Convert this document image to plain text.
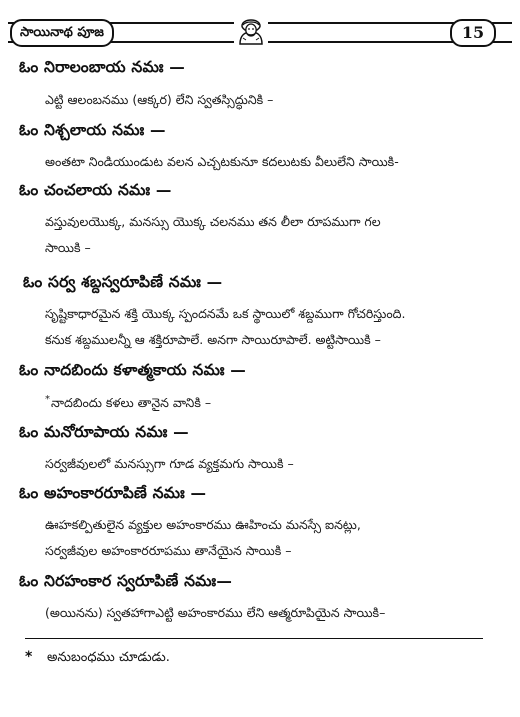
సాయినాథ పూజ	15
ఓం నిరాలంబాయ నమః —
ఎట్టి ఆలంబనము (ఆక్కర) లేని స్వతస్సిద్ధునికి –
ఓం నిశ్చలాయ నమః —
అంతటా నిండియుండుట వలన ఎచ్చటకునూ కదలుటకు వీలులేని సాయికి-
ఓం చంచలాయ నమః —
వస్తువులయొక్క, మనస్సు యొక్క చలనము తన లీలా రూపముగా గల
సాయికి –
ఓం సర్వ శబ్దస్వరూపిణే నమః —
సృష్టికాధారమైన శక్తి యొక్క స్పందనమే ఒక స్థాయిలో శబ్దముగా గోచరిస్తుంది.
కనుక శబ్దములన్నీ ఆ శక్తిరూపాలే. అనగా సాయిరూపాలే. అట్టిసాయికి –
ఓం నాదబిందు కళాత్మకాయ నమః —
*నాదబిందు కళలు తానైన వానికి –
ఓం మనోరూపాయ నమః —
సర్వజీవులలో మనస్సుగా గూడ వ్యక్తమగు సాయికి –
ఓం అహంకారరూపిణే నమః —
ఊహకల్పితులైన వ్యక్తుల అహంకారము ఊహించు మనస్సే ఐనట్లు,
సర్వజీవుల అహంకారరూపము తానేయైన సాయికి –
ఓం నిరహంకార స్వరూపిణే నమః—
(అయినను) స్వతహాగాఎట్టి అహంకారము లేని ఆత్మరూపియైన సాయికి–
* అనుబంధము చూడుడు.
